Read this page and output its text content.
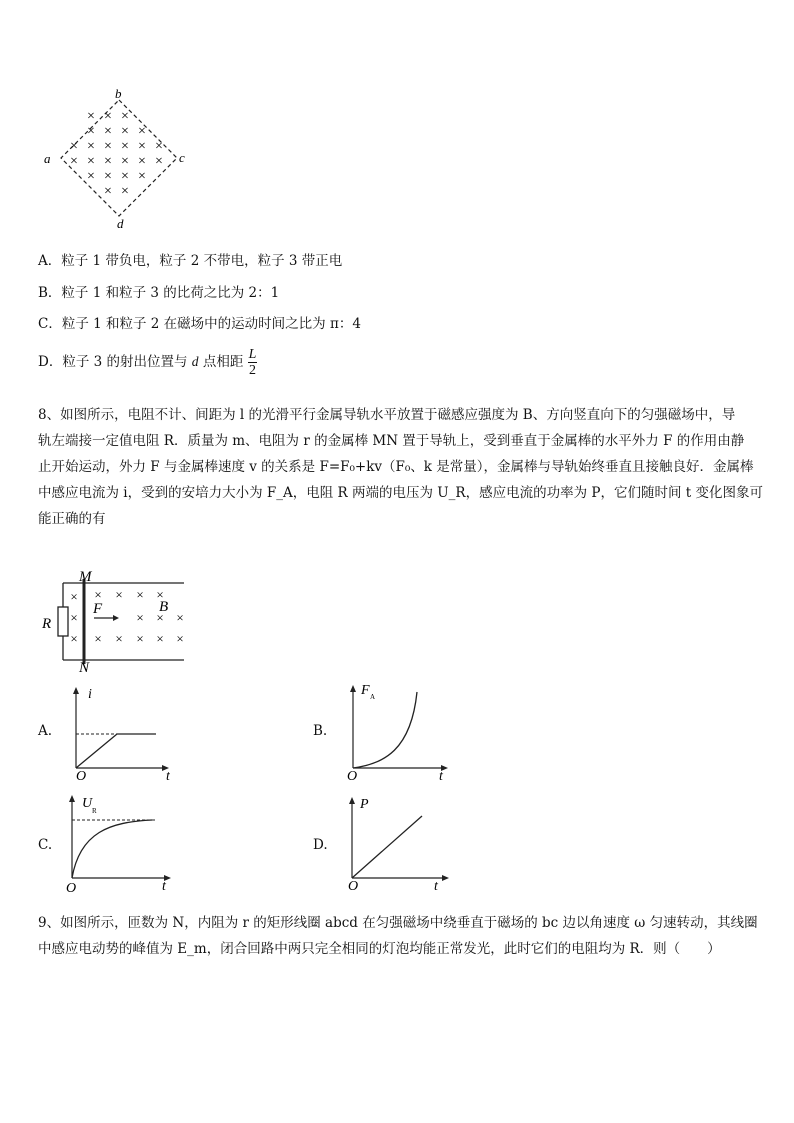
× × ×
× × × ×
× × × × × ×
× × × × × ×
× × × ×
× ×
b
a	c
d
A．粒子 1 带负电，粒子 2 不带电，粒子 3 带正电
B．粒子 1 和粒子 3 的比荷之比为 2：1
C．粒子 1 和粒子 2 在磁场中的运动时间之比为 π：4
D．粒子 3 的射出位置与 d 点相距 $\frac{L}{2}$
8、如图所示，电阻不计、间距为 l 的光滑平行金属导轨水平放置于磁感应强度为 B、方向竖直向下的匀强磁场中，导
轨左端接一定值电阻 R．质量为 m、电阻为 r 的金属棒 MN 置于导轨上，受到垂直于金属棒的水平外力 F 的作用由静
止开始运动，外力 F 与金属棒速度 v 的关系是 F=F₀+kv（F₀、k 是常量），金属棒与导轨始终垂直且接触良好．金属棒
中感应电流为 i，受到的安培力大小为 F_A，电阻 R 两端的电压为 U_R，感应电流的功率为 P，它们随时间 t 变化图象可
能正确的有
×
×
×
× × × ×
× × ×
× × × × ×
M
N
R
F	B
A.
i
t
O
B.
F A
t
O
C.
U R
t
O
D.
P
t
O
9、如图所示，匝数为 N，内阻为 r 的矩形线圈 abcd 在匀强磁场中绕垂直于磁场的 bc 边以角速度 ω 匀速转动，其线圈
中感应电动势的峰值为 E_m，闭合回路中两只完全相同的灯泡均能正常发光，此时它们的电阻均为 R．则（　　）
